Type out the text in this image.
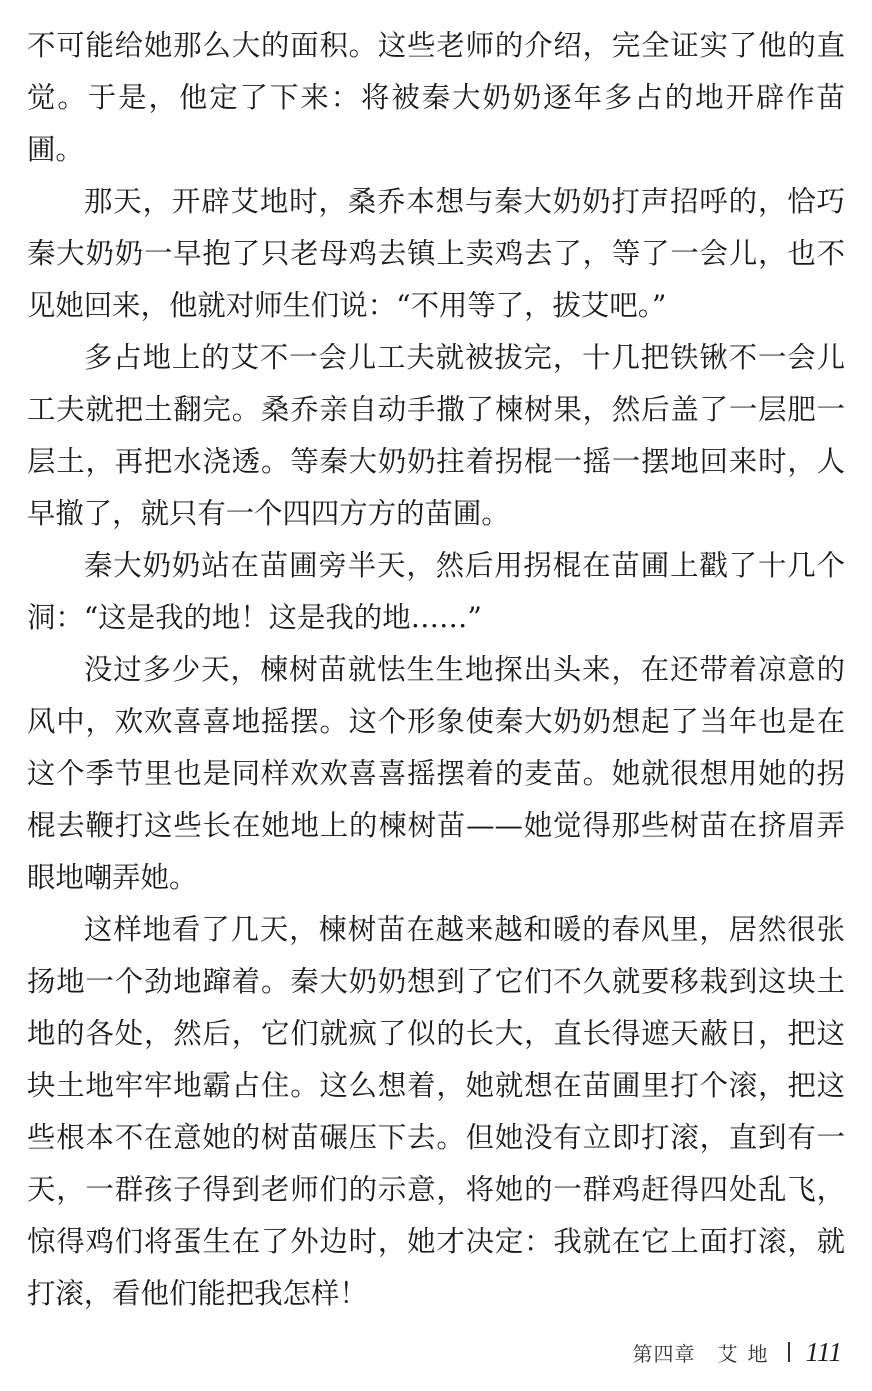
不可能给她那么大的面积。这些老师的介绍，完全证实了他的直觉。于是，他定了下来：将被秦大奶奶逐年多占的地开辟作苗圃。

那天，开辟艾地时，桑乔本想与秦大奶奶打声招呼的，恰巧秦大奶奶一早抱了只老母鸡去镇上卖鸡去了，等了一会儿，也不见她回来，他就对师生们说：“不用等了，拔艾吧。”

多占地上的艾不一会儿工夫就被拔完，十几把铁锹不一会儿工夫就把土翻完。桑乔亲自动手撒了楝树果，然后盖了一层肥一层土，再把水浇透。等秦大奶奶拄着拐棍一摇一摆地回来时，人早撤了，就只有一个四四方方的苗圃。

秦大奶奶站在苗圃旁半天，然后用拐棍在苗圃上戳了十几个洞：“这是我的地！这是我的地……”

没过多少天，楝树苗就怯生生地探出头来，在还带着凉意的风中，欢欢喜喜地摇摆。这个形象使秦大奶奶想起了当年也是在这个季节里也是同样欢欢喜喜摇摆着的麦苗。她就很想用她的拐棍去鞭打这些长在她地上的楝树苗——她觉得那些树苗在挤眉弄眼地嘲弄她。

这样地看了几天，楝树苗在越来越和暖的春风里，居然很张扬地一个劲地蹿着。秦大奶奶想到了它们不久就要移栽到这块土地的各处，然后，它们就疯了似的长大，直长得遮天蔽日，把这块土地牢牢地霸占住。这么想着，她就想在苗圃里打个滚，把这些根本不在意她的树苗碾压下去。但她没有立即打滚，直到有一天，一群孩子得到老师们的示意，将她的一群鸡赶得四处乱飞，惊得鸡们将蛋生在了外边时，她才决定：我就在它上面打滚，就打滚，看他们能把我怎样！

第四章 艾地 111
